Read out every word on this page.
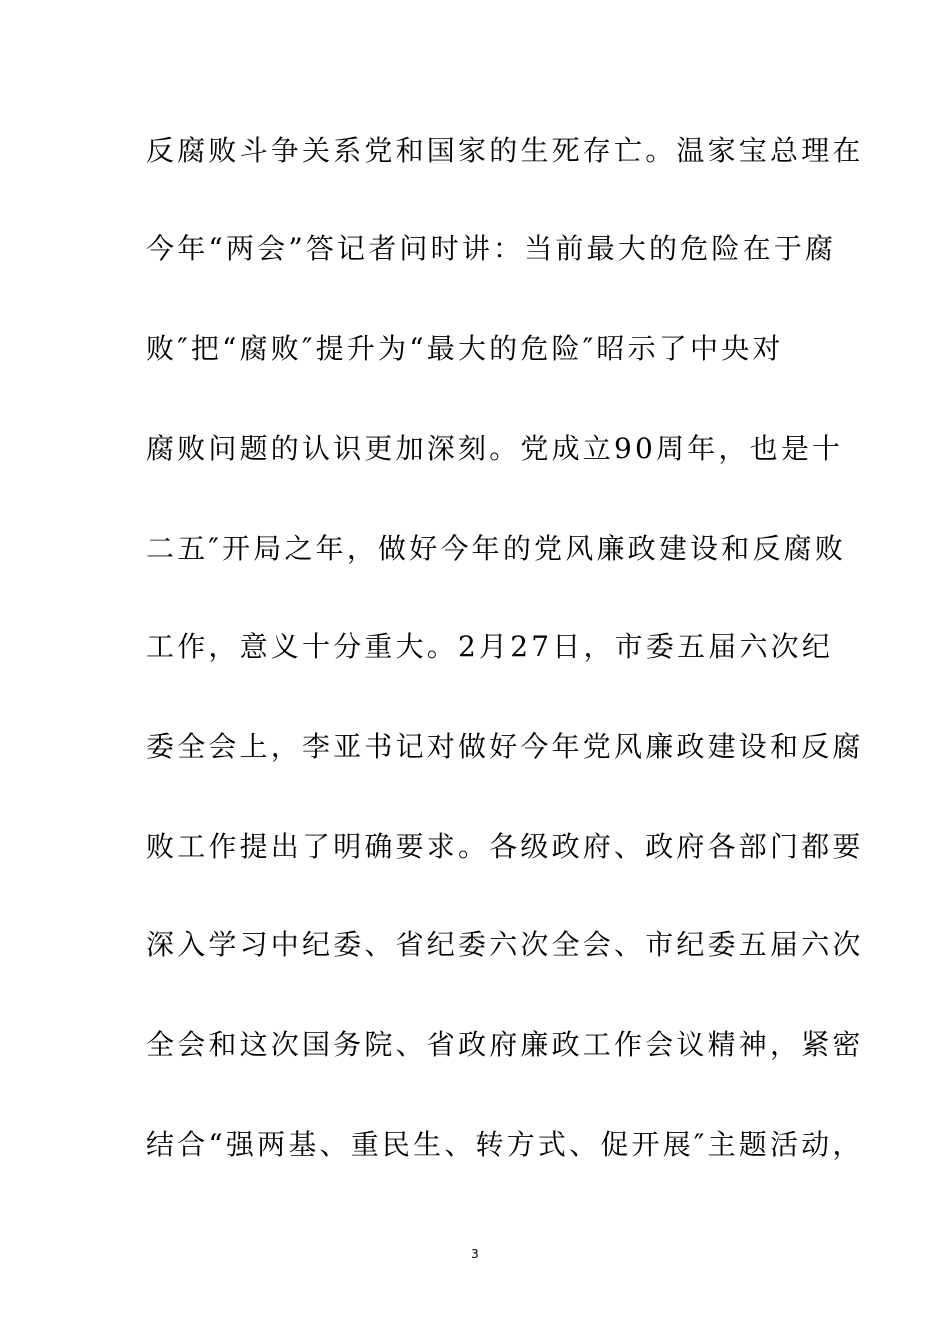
反腐败斗争关系党和国家的生死存亡。温家宝总理在
今年“两会”答记者问时讲：当前最大的危险在于腐
败″把“腐败″提升为“最大的危险″昭示了中央对
腐败问题的认识更加深刻。党成立90周年，也是十
二五″开局之年，做好今年的党风廉政建设和反腐败
工作，意义十分重大。2月27日，市委五届六次纪
委全会上，李亚书记对做好今年党风廉政建设和反腐
败工作提出了明确要求。各级政府、政府各部门都要
深入学习中纪委、省纪委六次全会、市纪委五届六次
全会和这次国务院、省政府廉政工作会议精神，紧密
结合“强两基、重民生、转方式、促开展″主题活动，
3
